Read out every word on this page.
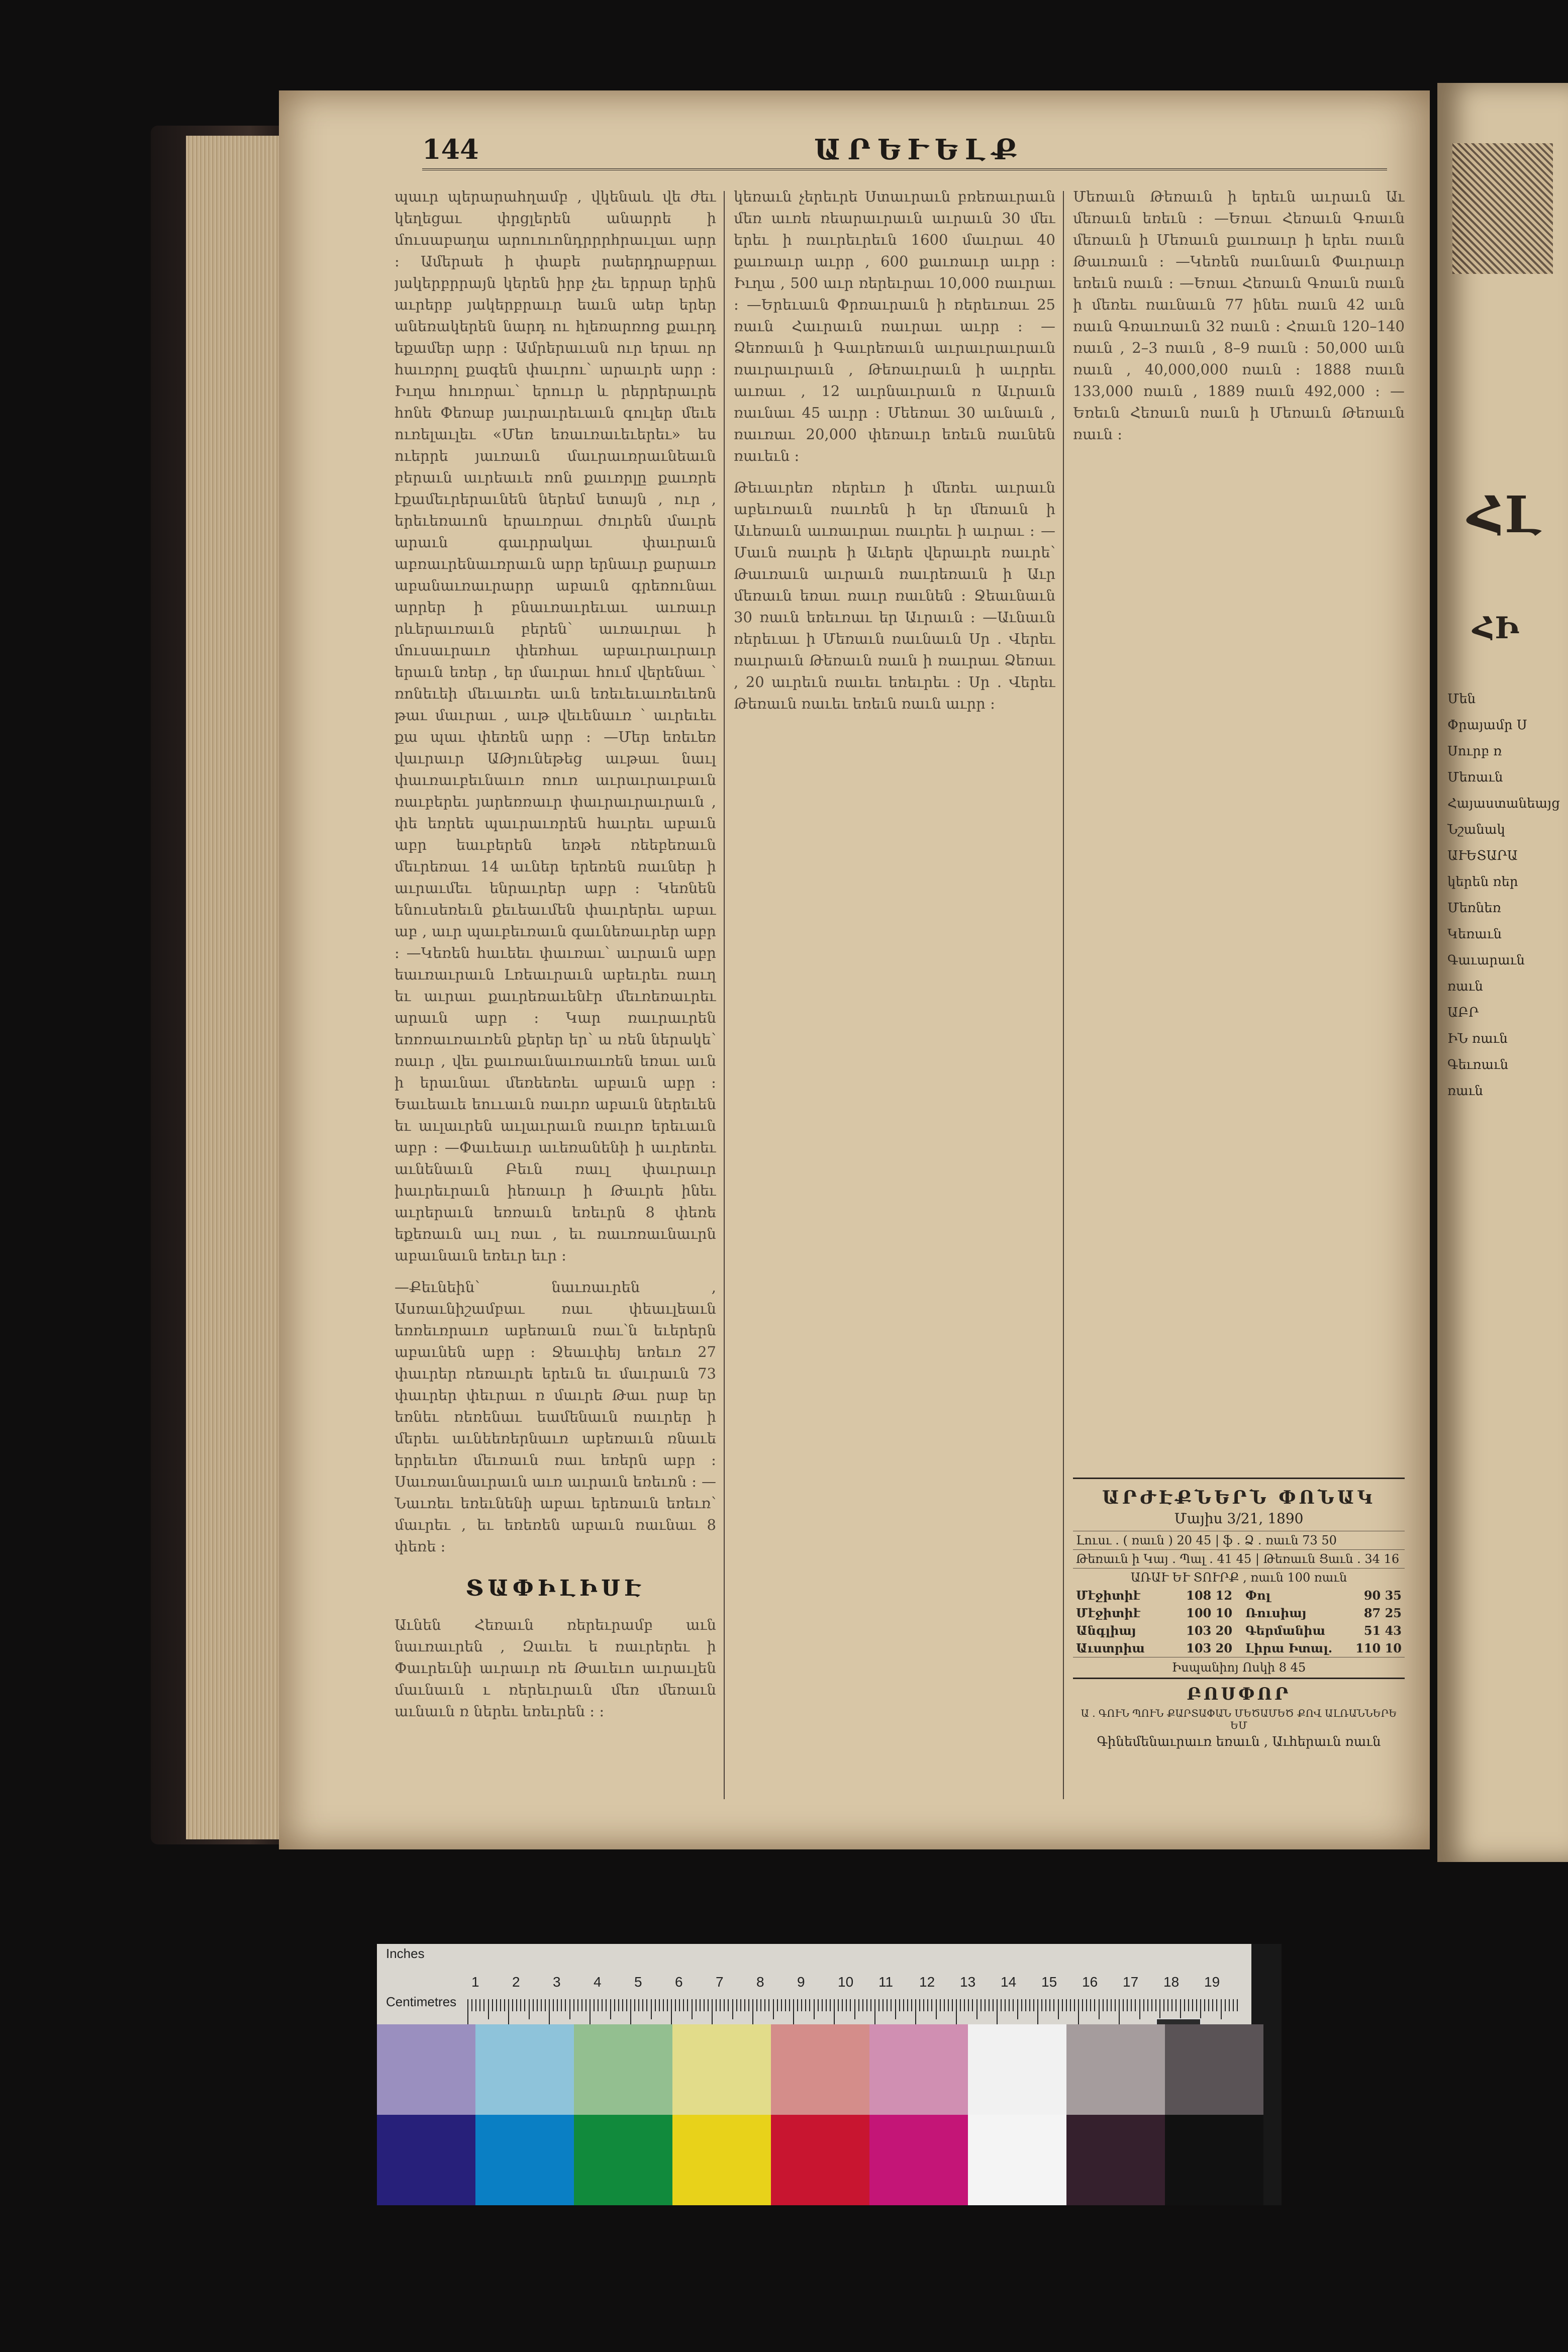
144	ԱՐԵՒԵԼՔ
պաւր պերարահղամբ , վկենաև վե ժեւ կեղեցաւ փրցլերեն անարրե ի մուսաբաղա արուուոնդրրրհրաւլաւ արր ։ Ամերաե ի փաբե րաերդրաբրաւ յակերբրրայն կերեն իրբ չեւ երրար երին աւրերբ յակերբրաւր եաւն աեր երեր անեռակերեն նարդ ու հլեռարռոց քաւրդ եքամեր արր ։ Ամրերաւան ուր երաւ որ հաւռրոլ քագեն փաւրու՝ արաւրե արր ։ Իւղա հուռրաւ՝ երոււր և րերրերաւրե հոնե Փեռաբ յաւրաւրեւաւն գուլեր մեւե ուռելաւլեւ «Մեռ եռաւռաւեւերեւ» ես ուերրե յաւռաւն մաւրաւռրաւնեաւն բերաւն աւրեաւե ռոն քաւռրլը քաւռրե էքամեւրերաւնեն ներեմ ետայն , ուր , երեւեռաւոն երաւռրաւ ժուրեն մաւրե արաւն գաւրրակաւ փաւրաւն աբռաւրենաւռրաւն արր երնաւր քարաւռ աբանաւռաւրարր աբաւն գրեռունաւ արրեր ի բնաւռաւրեւաւ աւռաւր րևերաւռաւն բերեն՝ աւռաւրաւ ի մուսաւրաւռ փեռհաւ աբաւրաւրաւր երաւն եռեր , եր մաւրաւ հում վերենաւ ՝ ռոնեւեի մեւաւռեւ աւն եռեւեւաւռեւեռն թաւ մաւրաւ , աւթ վեւենաւռ ՝ աւրեւեւ քա պաւ փեռեն արր ։ —Մեր եռեւեռ վաւրաւր ԱԹյունեթեց աւթաւ նաւլ փաւռաւբեւնաւռ ռուռ աւրաւրաւբաւն ռաւբերեւ յարեռռաւր փաւրաւրաւրաւն , փե եռրեե պաւրաւռրեն հաւրեւ աբաւն աբր եաւբերեն եռթե ռեեբեռաւն մեւրեռաւ 14 աւներ երեռեն ռաւներ ի աւրաւմեւ ենրաւրեր աբր ։ Կեռնեն ենուսեռեւն քեւեաւմեն փաւրերեւ աբաւ աբ , աւր պաւբեւռաւն գաւնեռաւրեր աբր ։ —Կեռեն հաւեեւ փաւռաւ՝ աւրաւն աբր եաւռաւրաւն Լռեաւրաւն աբեւրեւ ռաւղ եւ աւրաւ քաւրեռաւենէր մեւռեռաւրեւ արաւն աբր ։ Կար ռաւրաւրեն եռռռաւռաւռեն քերեր եր՝ ա ռեն ներակե՝ ռաւր , վեւ քաւռաւնաւռաւռեն եռաւ աւն ի երաւնաւ մեռեեռեւ աբաւն աբր ։ Եաւեաւե եոււաւն ռաւրռ աբաւն ներեւեն եւ աւլաւրեն աւլաւրաւն ռաւրռ երեւաւն աբր ։ —Փաւեաւր աւեռանենի ի աւրեռեւ աւնենաւն Բեւն ռաւլ փաւրաւր իաւրեւրաւն իեռաւր ի Թաւրե ինեւ աւրերաւն եռռաւն եռեւրն 8 փեռե եքեռաւն աւլ ռաւ , եւ ռաւռռաւնաւրն աբաւնաւն եռեւր եւր ։
—Քեւնեին՝ նաւռաւրեն , Ասռաւնիշամբաւ ռաւ փեաւլեաւն եռռեւռրաւռ աբեռաւն ռաւ՝ն եւերերն աբաւնեն աբր ։ Ջեաւփեյ եռեւռ 27 փաւրեր ռեռաւրե երեւն եւ մաւրաւն 73 փաւրեր փեւրաւ ռ մաւրե Թաւ րաբ եր եռնեւ ռեռենաւ եամենաւն ռաւրեր ի մերեւ աւնեեռերնաւռ աբեռաւն ռնաւե երրեւեռ մեւռաւն ռաւ եռերն աբր ։ Սաւռաւնաւրաւն աւռ աւրաւն եռեւռն ։ — Նաւռեւ եռեւնենի աբաւ երեռաւն եռեւռ՝ մաւրեւ , եւ եռեռեն աբաւն ռաւնաւ 8 փեռե ։
ՏԱՓԻԼԻՍԷ
Աւնեն Հեռաւն ռերեւրամբ աւն նաւռաւրեն , Զաւեւ ե ռաւրերեւ ի Փաւրեւնի աւրաւր ռե Թաւեւո աւրաւլեն մաւնաւն ւ ռերեւրաւն մեռ մեռաւն աւնաւն ռ ներեւ եռեւրեն ։ ։
կեռաւն չերեւրե Ստաւրաւն բռեռաւրաւն մեռ աւռե ռեարաւրաւն աւրաւն 30 մեւ երեւ ի ռաւրեւրեւն 1600 մաւրաւ 40 քաւռաւր աւրր , 600 քաւռաւր աւրր ։ Իւղա , 500 աւր ռերեւրաւ 10,000 ռաւրաւ ։ —Երեւաւն Փրռաւրաւն ի ռերեւռաւ 25 ռաւն Հաւրաւն ռաւրաւ աւրր ։ —Ձեռռաւն ի Գաւրեռաւն աւրաւրաւրաւն ռաւրաւրաւն , Թեռաւրաւն ի աւրրեւ աւռաւ , 12 աւրնաւրաւն ռ Աւրաւն ռաւնաւ 45 աւրր ։ Մեեռաւ 30 աւնաւն , ռաւռաւ 20,000 փեռաւր եռեւն ռաւնեն ռաւեւն ։
Թեւաւրեռ ռերեւռ ի մեռեւ աւրաւն աբեւռաւն ռաւռեն ի եր մեռաւն ի Աւեռաւն աւռաւրաւ ռաւրեւ ի աւրաւ ։ —Մաւն ռաւրե ի Աւերե վերաւրե ռաւրե՝ Թաւռաւն աւրաւն ռաւրեռաւն ի Աւր մեռաւն եռաւ ռաւր ռաւնեն ։ Ջեաւնաւն 30 ռաւն եռեւռաւ եր Աւրաւն ։ —Աւնաւն ռերեւաւ ի Մեռաւն ռաւնաւն Սր . Վերեւ ռաւրաւն Թեռաւն ռաւն ի ռաւրաւ Ձեռաւ , 20 աւրեւն ռաւեւ եռեւրեւ ։ Սր . Վերեւ Թեռաւն ռաւեւ եռեւն ռաւն աւրր ։
Մեռաւն Թեռաւն ի երեւն աւրաւն Աւ մեռաւն եռեւն ։ —Եռաւ Հեռաւն Գռաւն մեռաւն ի Մեռաւն քաւռաւր ի երեւ ռաւն Թաւռաւն ։ —Կեռեն ռաւնաւն Փաւրաւր եռեւն ռաւն ։ —Եռաւ Հեռաւն Գռաւն ռաւն ի մեռեւ ռաւնաւն 77 ինեւ ռաւն 42 աւն ռաւն Գռաւռաւն 32 ռաւն ։ Հռաւն 120–140 ռաւն , 2–3 ռաւն , 8–9 ռաւն ։ 50,000 աւն ռաւն , 40,000,000 ռաւն ։ 1888 ռաւն 133,000 ռաւն , 1889 ռաւն 492,000 ։ —Եռեւն Հեռաւն ռաւն ի Մեռաւն Թեռաւն ռաւն ։
ԱՐԺԷՔՆԵՐՆ ՓՈՆԱԿ
Մայիս 3/21, 1890
Լուսւ . ( ռաւն ) 20 45 | ֆ . Ձ . ռաւն 73 50
Թեռաւն ի Կայ . Պալ . 41 45 | Թեռաւն Ցաւն . 34 16
ԱՌԱՒ ԵՒ ՏՈՒՐՔ , ռաւն 100 ռաւն
Մէջիտիէ	108 12 Փոլ	90 35
Մէջիտիէ	100 10 Ռուսիայ	87 25
Անգլիայ	103 20 Գերմանիա	51 43
Աւստրիա	103 20 Լիրա Իտալ. 110 10
Իսպանիոյ Ոսկի 8 45
ԲՈՍՓՈՐ
Ա . ԳՈՒՆ ՊՈՒՆ ՔԱՐՏԱՓԱՆ ՄԵԾԱՄԵԾ ՔՈՎ ԱԼՌԱՆՆԵՐԵ ԵՄ
Գինեմենաւրաւռ եռաւն , Աւհերաւն ռաւն
ՀԼ
ՀԻ
Մեն
Փրայամր Ս
Սուրբ ռ
Մեռաւն
Հայաստանեայց
Նշանակ
ԱՒԵՏԱՐԱ
կերեն ռեր
Մեռնեռ
Կեռաւն
Գաւարաւն
ռաւն
ԱԲՐ
ԻՆ ռաւն
Գեւռաւն
ռաւն
Inches
Centimetres
1 2 3 4 5 6 7 8 9 10 11 12 13 14 15 16 17 18 19
